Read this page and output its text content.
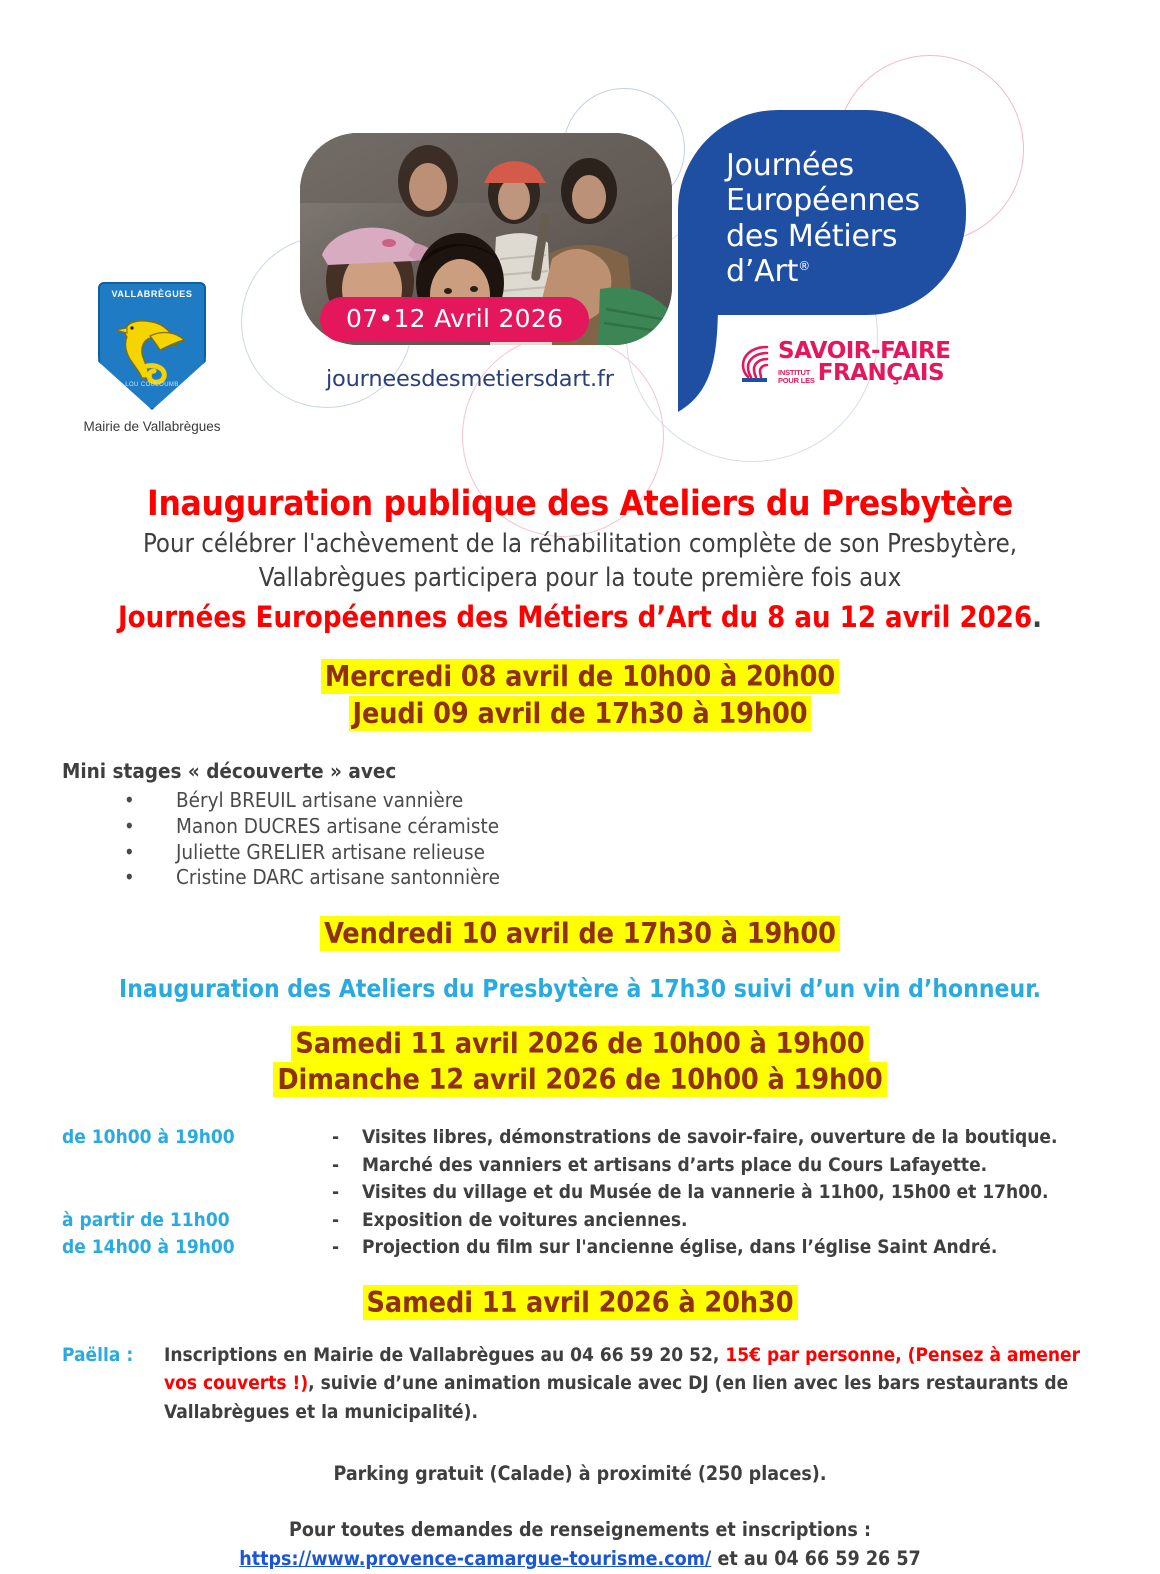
VALLABRÈGUES
LOU COULOUMB
Mairie de Vallabrègues
07•12 Avril 2026
journeesdesmetiersdart.fr
Journées
Européennes
des Métiers
d’Art®
SAVOIR-FAIRE
INSTITUT
POUR LES FRANÇAIS
Inauguration publique des Ateliers du Presbytère
Pour célébrer l'achèvement de la réhabilitation complète de son Presbytère,
Vallabrègues participera pour la toute première fois aux
Journées Européennes des Métiers d’Art du 8 au 12 avril 2026.
Mercredi 08 avril de 10h00 à 20h00
Jeudi 09 avril de 17h30 à 19h00
Mini stages « découverte » avec
• Béryl BREUIL artisane vannière
• Manon DUCRES artisane céramiste
• Juliette GRELIER artisane relieuse
• Cristine DARC artisane santonnière
Vendredi 10 avril de 17h30 à 19h00
Inauguration des Ateliers du Presbytère à 17h30 suivi d’un vin d’honneur.
Samedi 11 avril 2026 de 10h00 à 19h00
Dimanche 12 avril 2026 de 10h00 à 19h00
de 10h00 à 19h00	-	Visites libres, démonstrations de savoir-faire, ouverture de la boutique.
	-	Marché des vanniers et artisans d’arts place du Cours Lafayette.
	-	Visites du village et du Musée de la vannerie à 11h00, 15h00 et 17h00.
à partir de 11h00	-	Exposition de voitures anciennes.
de 14h00 à 19h00	-	Projection du film sur l'ancienne église, dans l’église Saint André.
Samedi 11 avril 2026 à 20h30
Paëlla :	Inscriptions en Mairie de Vallabrègues au 04 66 59 20 52, 15€ par personne, (Pensez à amener vos couverts !), suivie d’une animation musicale avec DJ (en lien avec les bars restaurants de Vallabrègues et la municipalité).
Parking gratuit (Calade) à proximité (250 places).
Pour toutes demandes de renseignements et inscriptions :
https://www.provence-camargue-tourisme.com/ et au 04 66 59 26 57
